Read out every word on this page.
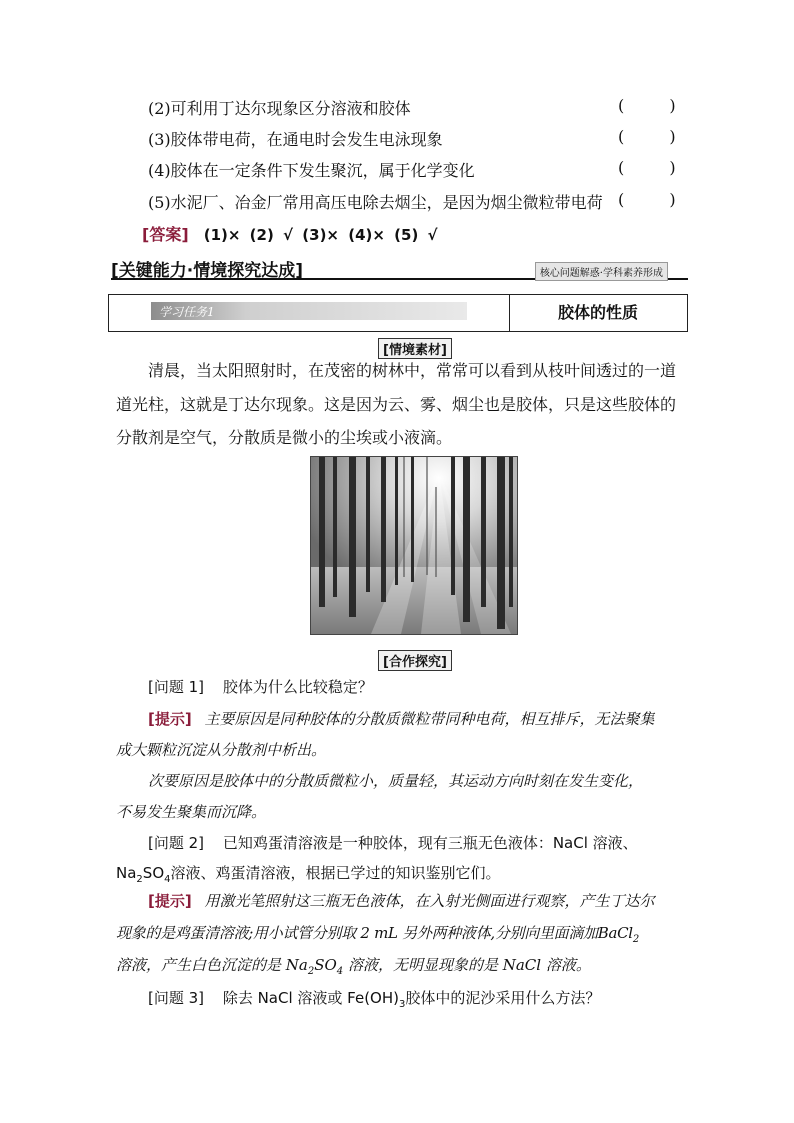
(2)可利用丁达尔现象区分溶液和胶体	( )
(3)胶体带电荷，在通电时会发生电泳现象	( )
(4)胶体在一定条件下发生聚沉，属于化学变化	( )
(5)水泥厂、冶金厂常用高压电除去烟尘，是因为烟尘微粒带电荷 ( )
[答案] (1)× (2) √ (3)× (4)× (5) √
[关键能力·情境探究达成]	核心问题解惑·学科素养形成
学习任务1	胶体的性质
[情境素材]
清晨，当太阳照射时，在茂密的树林中，常常可以看到从枝叶间透过的一道
道光柱，这就是丁达尔现象。这是因为云、雾、烟尘也是胶体，只是这些胶体的
分散剂是空气，分散质是微小的尘埃或小液滴。
[合作探究]
[问题 1] 胶体为什么比较稳定？
[提示] 主要原因是同种胶体的分散质微粒带同种电荷，相互排斥，无法聚集
成大颗粒沉淀从分散剂中析出。
次要原因是胶体中的分散质微粒小，质量轻，其运动方向时刻在发生变化，
不易发生聚集而沉降。
[问题 2] 已知鸡蛋清溶液是一种胶体，现有三瓶无色液体：NaCl 溶液、
$Na_2SO_4$溶液、鸡蛋清溶液，根据已学过的知识鉴别它们。
[提示] 用激光笔照射这三瓶无色液体，在入射光侧面进行观察，产生丁达尔
现象的是鸡蛋清溶液;用小试管分别取 2 mL 另外两种液体,分别向里面滴加BaCl$_2$
溶液，产生白色沉淀的是 $Na_2SO_4$ 溶液，无明显现象的是 NaCl 溶液。
[问题 3] 除去 NaCl 溶液或 $Fe(OH)_3$胶体中的泥沙采用什么方法？
